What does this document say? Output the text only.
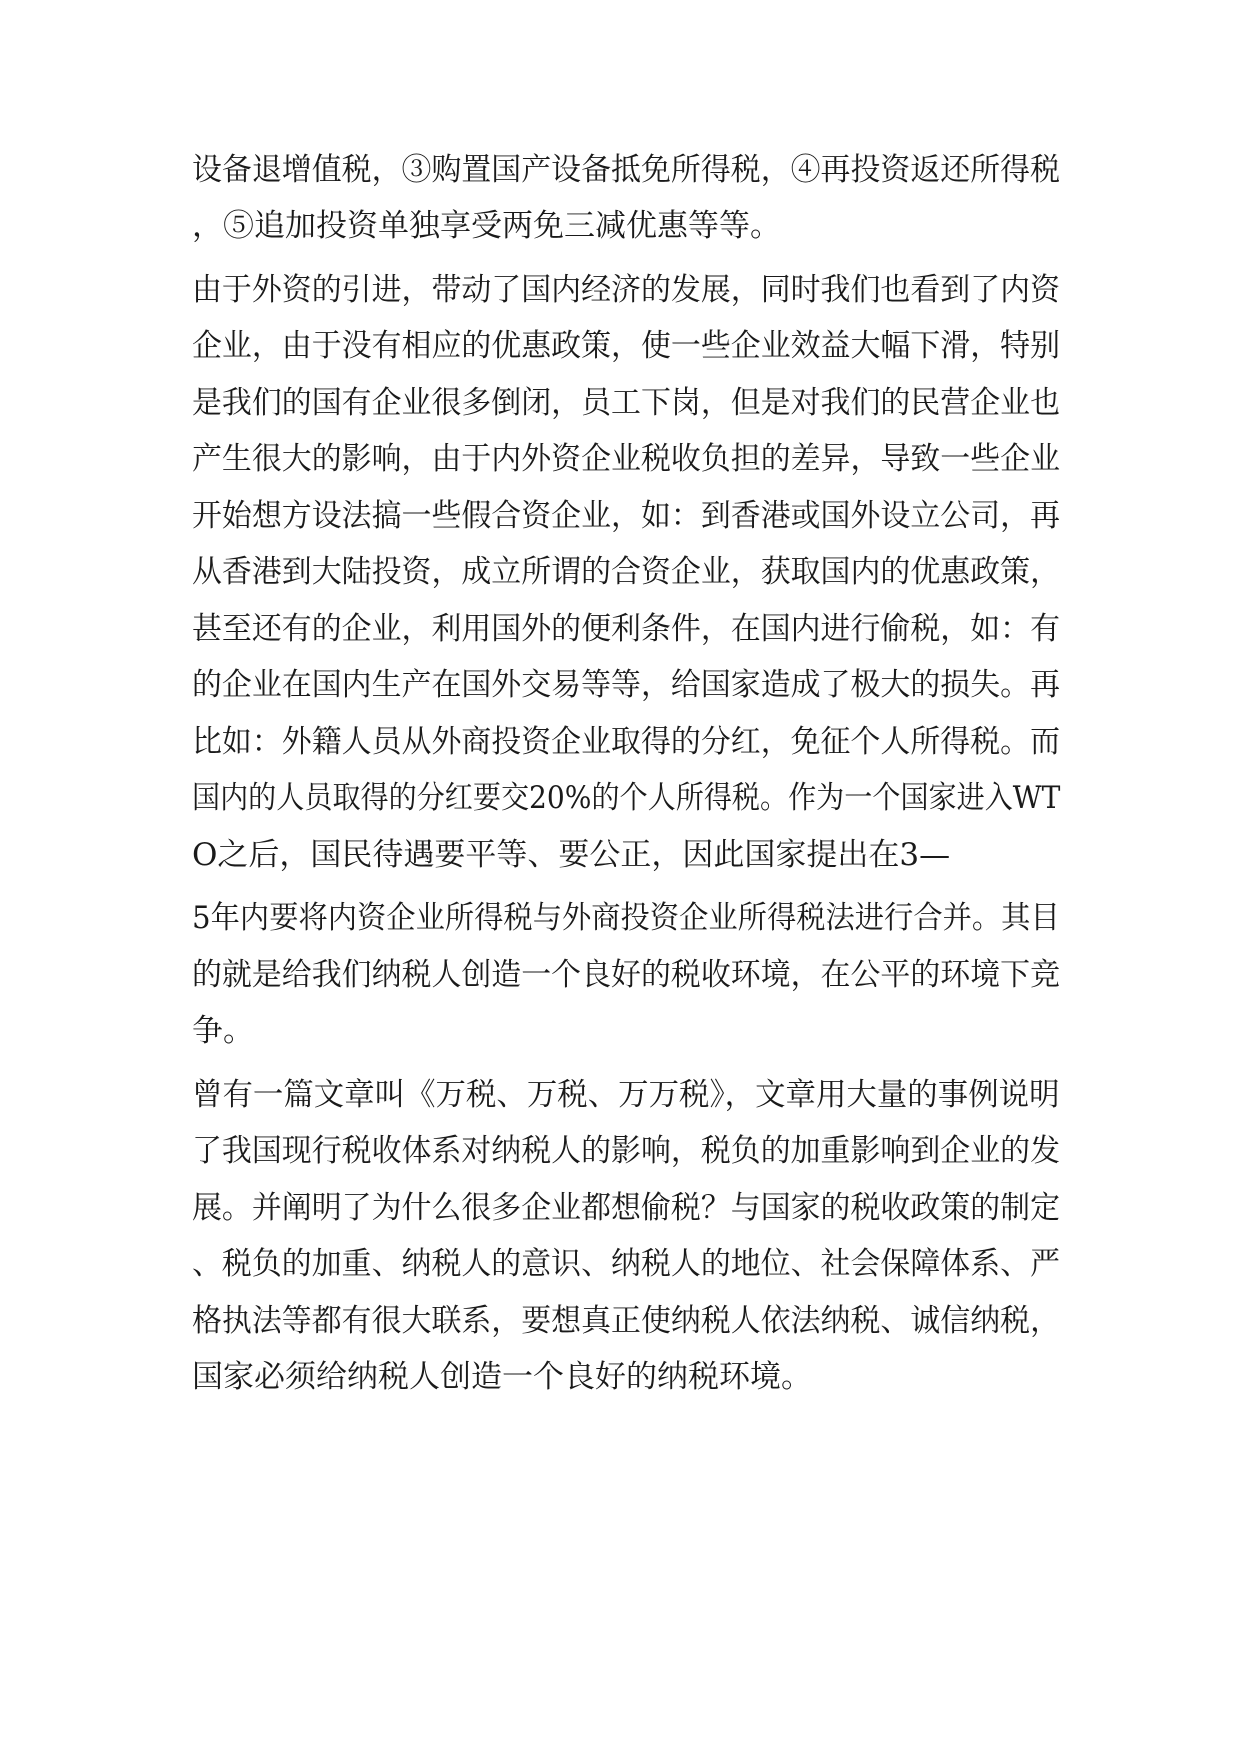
设备退增值税，③购置国产设备抵免所得税，④再投资返还所得税
，⑤追加投资单独享受两免三减优惠等等。
由于外资的引进，带动了国内经济的发展，同时我们也看到了内资
企业，由于没有相应的优惠政策，使一些企业效益大幅下滑，特别
是我们的国有企业很多倒闭，员工下岗，但是对我们的民营企业也
产生很大的影响，由于内外资企业税收负担的差异，导致一些企业
开始想方设法搞一些假合资企业，如：到香港或国外设立公司，再
从香港到大陆投资，成立所谓的合资企业，获取国内的优惠政策，
甚至还有的企业，利用国外的便利条件，在国内进行偷税，如：有
的企业在国内生产在国外交易等等，给国家造成了极大的损失。再
比如：外籍人员从外商投资企业取得的分红，免征个人所得税。而
国内的人员取得的分红要交20%的个人所得税。作为一个国家进入WT
O之后，国民待遇要平等、要公正，因此国家提出在3—
5年内要将内资企业所得税与外商投资企业所得税法进行合并。其目
的就是给我们纳税人创造一个良好的税收环境，在公平的环境下竞
争。
曾有一篇文章叫《万税、万税、万万税》，文章用大量的事例说明
了我国现行税收体系对纳税人的影响，税负的加重影响到企业的发
展。并阐明了为什么很多企业都想偷税？与国家的税收政策的制定
、税负的加重、纳税人的意识、纳税人的地位、社会保障体系、严
格执法等都有很大联系，要想真正使纳税人依法纳税、诚信纳税，
国家必须给纳税人创造一个良好的纳税环境。
